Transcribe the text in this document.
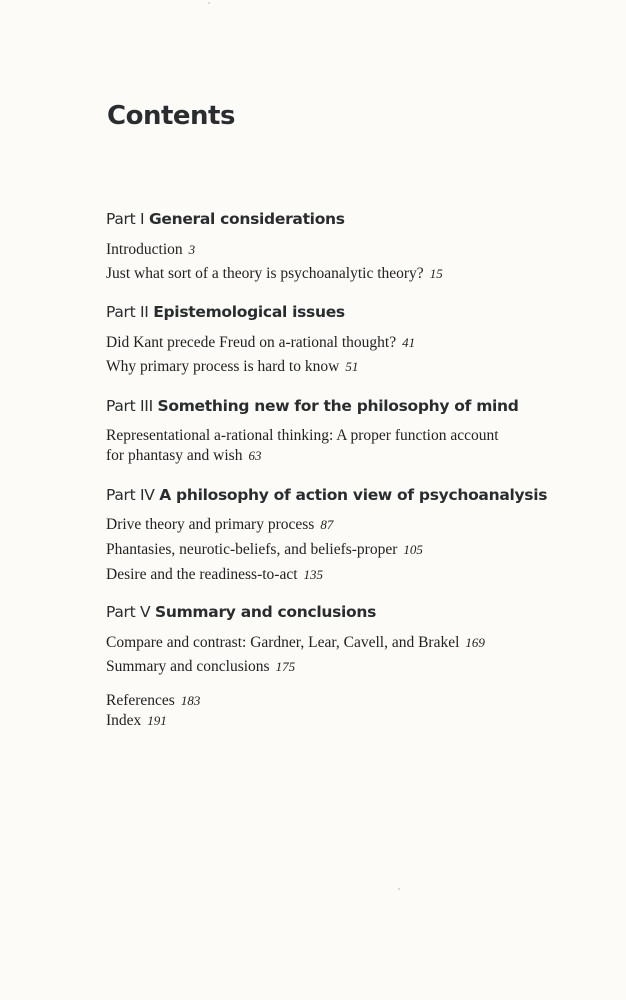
Contents
Part I General considerations
Introduction 3
Just what sort of a theory is psychoanalytic theory? 15
Part II Epistemological issues
Did Kant precede Freud on a-rational thought? 41
Why primary process is hard to know 51
Part III Something new for the philosophy of mind
Representational a-rational thinking: A proper function account
for phantasy and wish 63
Part IV A philosophy of action view of psychoanalysis
Drive theory and primary process 87
Phantasies, neurotic-beliefs, and beliefs-proper 105
Desire and the readiness-to-act 135
Part V Summary and conclusions
Compare and contrast: Gardner, Lear, Cavell, and Brakel 169
Summary and conclusions 175
References 183
Index 191
